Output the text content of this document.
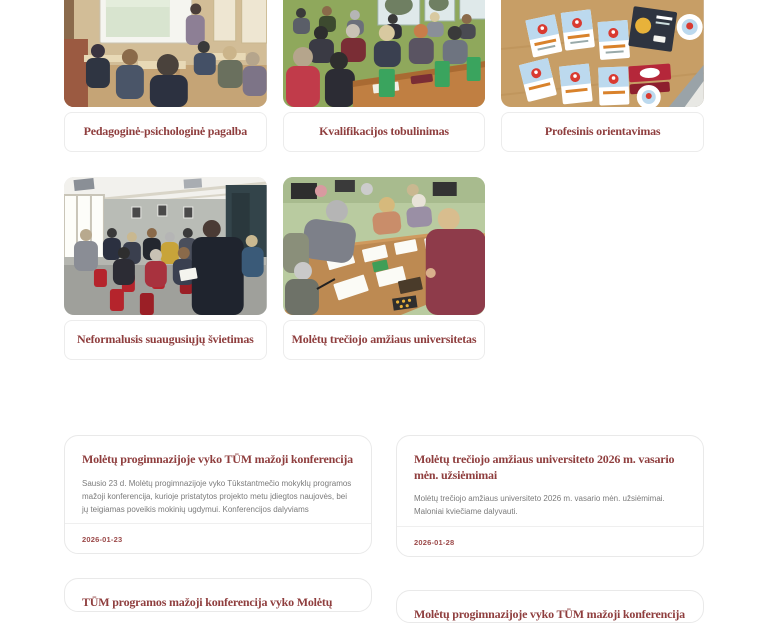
Pedagoginė-psichologinė pagalba	Kvalifikacijos tobulinimas	Profesinis orientavimas
Neformalusis suaugusiųjų švietimas	Molėtų trečiojo amžiaus universitetas
Molėtų progimnazijoje vyko TŪM mažoji konferencija

Sausio 23 d. Molėtų progimnazijoje vyko Tūkstantmečio mokyklų programos mažoji konferencija, kurioje pristatytos projekto metu įdiegtos naujovės, bei jų teigiamas poveikis mokinių ugdymui. Konferencijos dalyviams

2026-01-23
TŪM programos mažoji konferencija vyko Molėtų
Molėtų trečiojo amžiaus universiteto 2026 m. vasario mėn. užsiėmimai

Molėtų trečiojo amžiaus universiteto 2026 m. vasario mėn. užsiėmimai. Maloniai kviečiame dalyvauti.

2026-01-28
Molėtų progimnazijoje vyko TŪM mažoji konferencija
